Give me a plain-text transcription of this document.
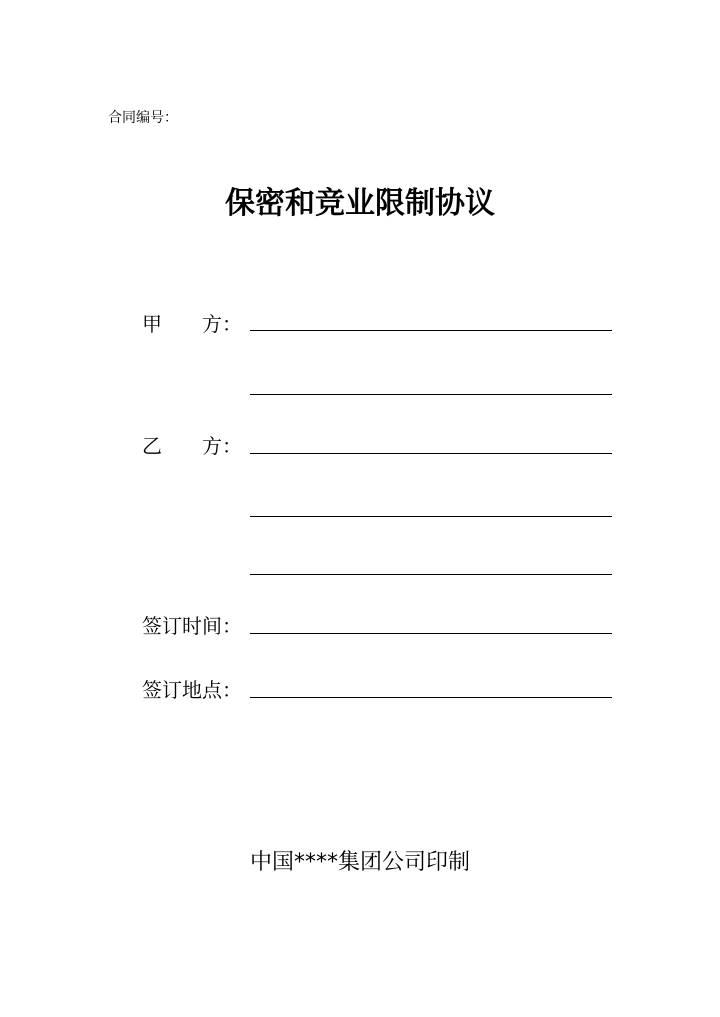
合同编号：
保密和竞业限制协议
甲 方：
乙 方：
签订时间：
签订地点：
中国****集团公司印制
